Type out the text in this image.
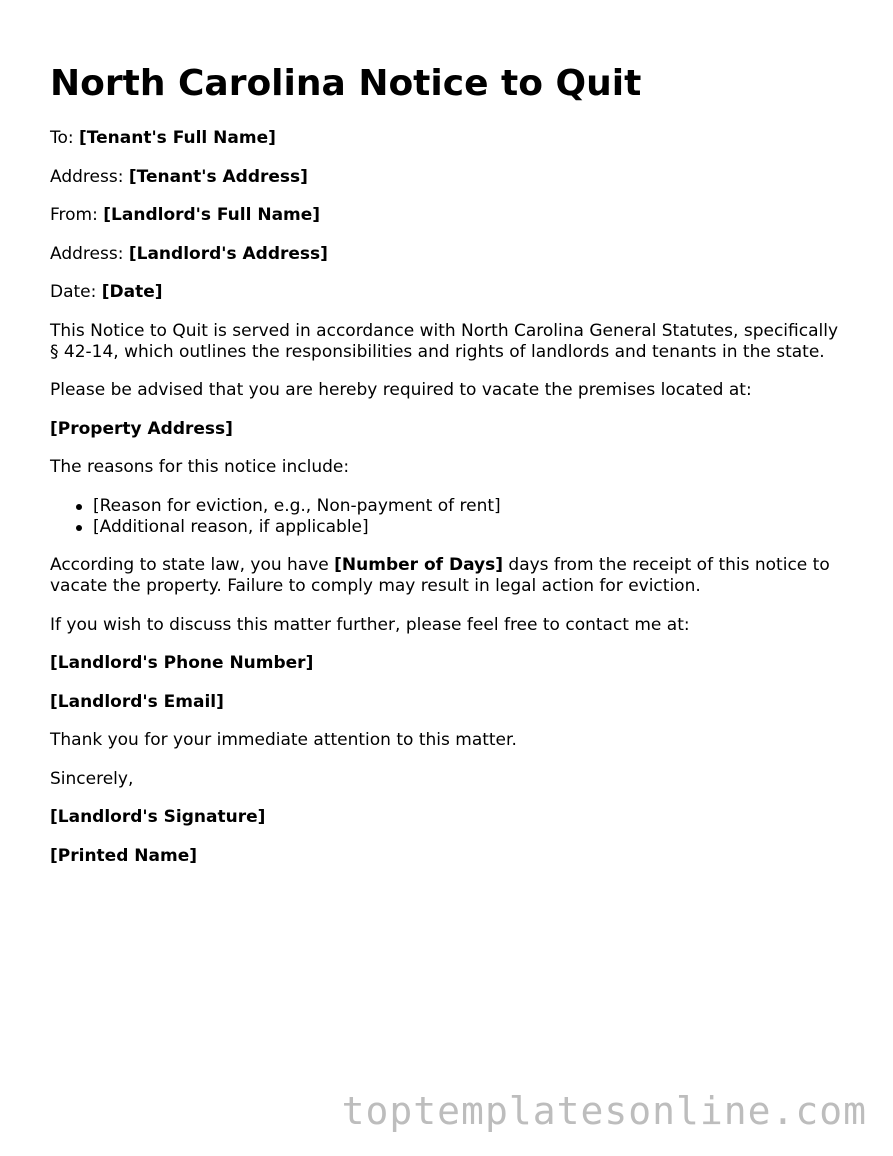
North Carolina Notice to Quit

To: [Tenant's Full Name]

Address: [Tenant's Address]

From: [Landlord's Full Name]

Address: [Landlord's Address]

Date: [Date]

This Notice to Quit is served in accordance with North Carolina General Statutes, specifically § 42-14, which outlines the responsibilities and rights of landlords and tenants in the state.

Please be advised that you are hereby required to vacate the premises located at:

[Property Address]

The reasons for this notice include:

[Reason for eviction, e.g., Non-payment of rent]
[Additional reason, if applicable]

According to state law, you have [Number of Days] days from the receipt of this notice to vacate the property. Failure to comply may result in legal action for eviction.

If you wish to discuss this matter further, please feel free to contact me at:

[Landlord's Phone Number]

[Landlord's Email]

Thank you for your immediate attention to this matter.

Sincerely,

[Landlord's Signature]

[Printed Name]

toptemplatesonline.com
